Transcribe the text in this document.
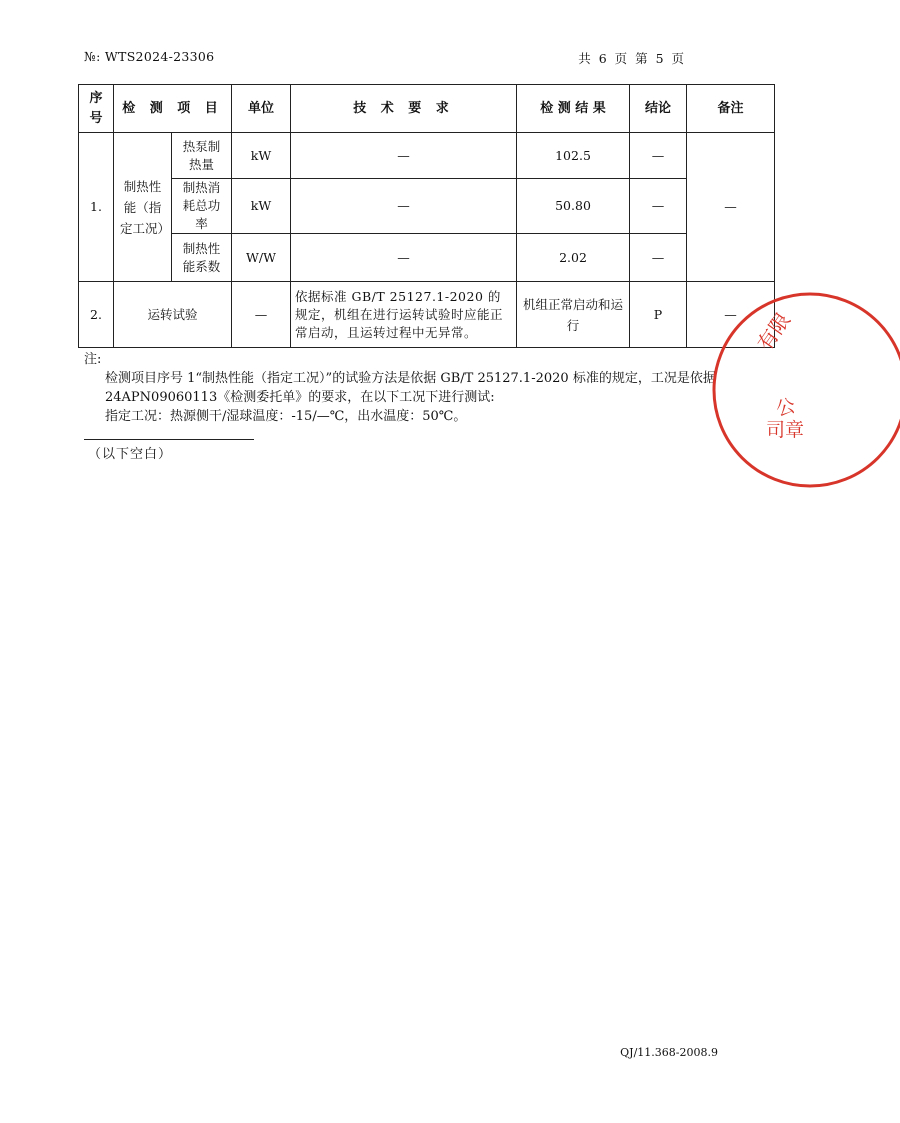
№: WTS2024-23306	共 6 页 第 5 页
序号	检 测 项 目		单位	技 术 要 求	检 测 结 果	结论	备注
1.	制热性能（指定工况）	热泵制热量	kW	—	102.5	—	—
		制热消耗总功率	kW	—	50.80	—	
		制热性能系数	W/W	—	2.02	—	
2.	运转试验		—	依据标准 GB/T 25127.1-2020 的规定，机组在进行运转试验时应能正常启动，且运转过程中无异常。	机组正常启动和运行	P	—
注:
检测项目序号 1“制热性能（指定工况）”的试验方法是依据 GB/T 25127.1-2020 标准的规定，工况是依据 24APN09060113《检测委托单》的要求，在以下工况下进行测试:
指定工况：热源侧干/湿球温度：-15/—℃，出水温度：50℃。
（以下空白）
有限
公
司章
QJ/11.368-2008.9
